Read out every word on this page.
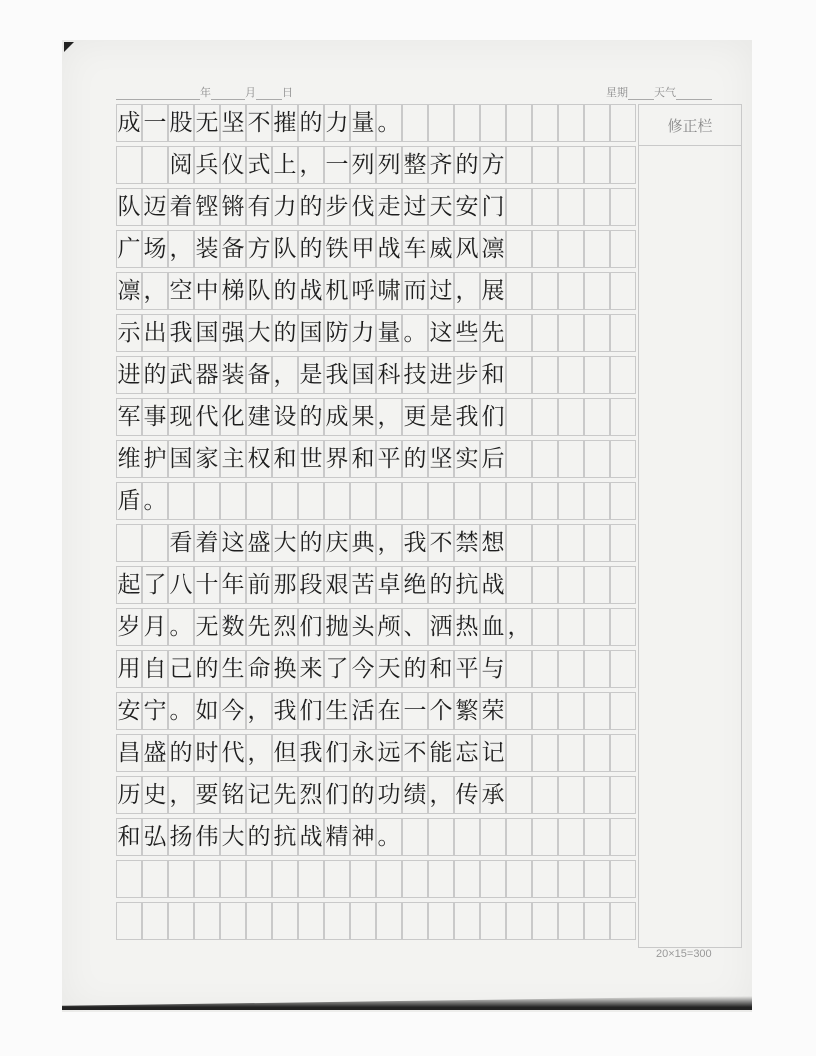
年	月 日	星期 天气
成 一 股 无 坚 不 摧 的 力 量 。
阅 兵 仪 式 上 ， 一 列 列 整 齐 的 方
队 迈 着 铿 锵 有 力 的 步 伐 走 过 天 安 门
广 场 ， 装 备 方 队 的 铁 甲 战 车 威 风 凛
凛 ， 空 中 梯 队 的 战 机 呼 啸 而 过 ， 展
示 出 我 国 强 大 的 国 防 力 量 。 这 些 先
进 的 武 器 装 备 ， 是 我 国 科 技 进 步 和
军 事 现 代 化 建 设 的 成 果 ， 更 是 我 们
维 护 国 家 主 权 和 世 界 和 平 的 坚 实 后
盾 。
看 着 这 盛 大 的 庆 典 ， 我 不 禁 想
起 了 八 十 年 前 那 段 艰 苦 卓 绝 的 抗 战
岁 月 。 无 数 先 烈 们 抛 头 颅 、 洒 热 血 ，
用 自 己 的 生 命 换 来 了 今 天 的 和 平 与
安 宁 。 如 今 ， 我 们 生 活 在 一 个 繁 荣
昌 盛 的 时 代 ， 但 我 们 永 远 不 能 忘 记
历 史 ， 要 铭 记 先 烈 们 的 功 绩 ， 传 承
和 弘 扬 伟 大 的 抗 战 精 神 。
修正栏
20×15=300
